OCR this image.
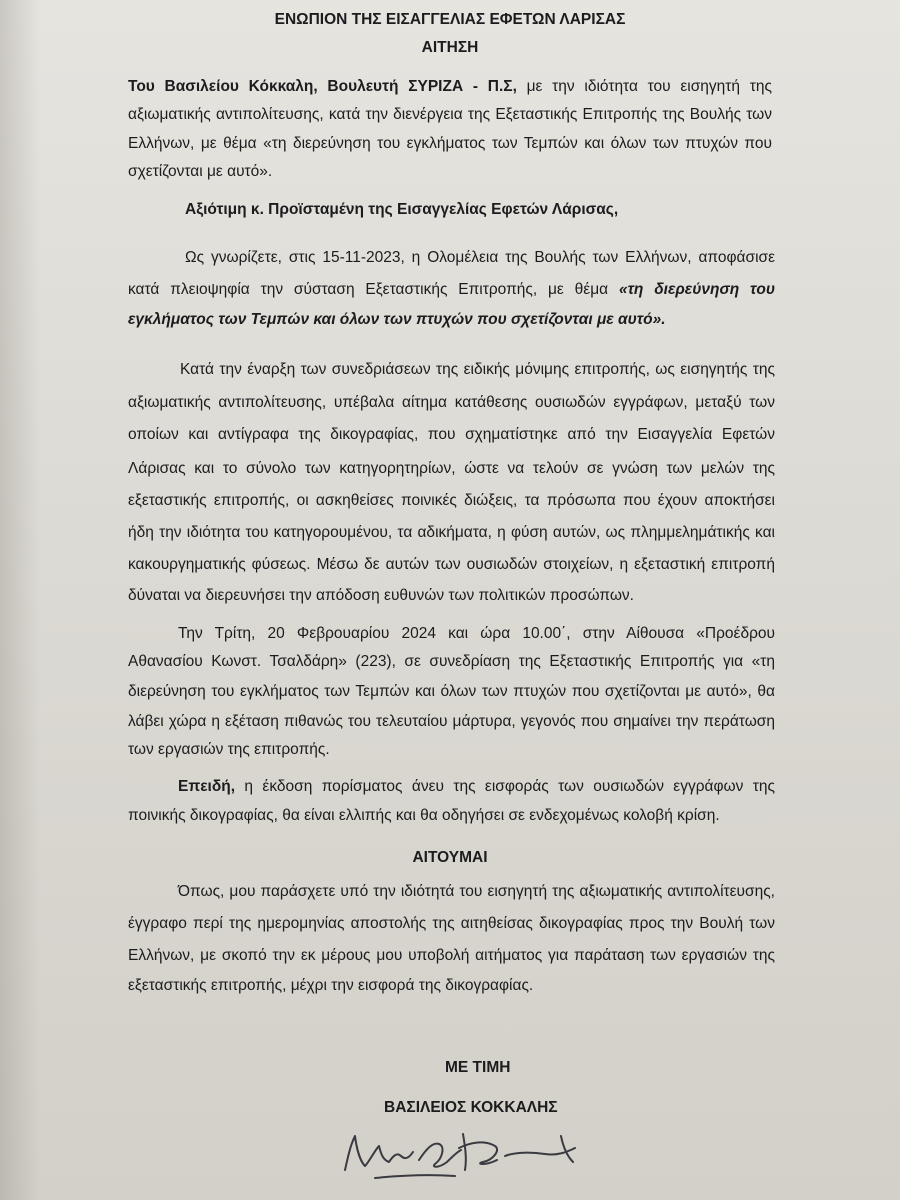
ΕΝΩΠΙΟΝ ΤΗΣ ΕΙΣΑΓΓΕΛΙΑΣ ΕΦΕΤΩΝ ΛΑΡΙΣΑΣ
ΑΙΤΗΣΗ
Του Βασιλείου Κόκκαλη, Βουλευτή ΣΥΡΙΖΑ - Π.Σ, με την ιδιότητα του εισηγητή της
αξιωματικής αντιπολίτευσης, κατά την διενέργεια της Εξεταστικής Επιτροπής της Βουλής των
Ελλήνων, με θέμα «τη διερεύνηση του εγκλήματος των Τεμπών και όλων των πτυχών που
σχετίζονται με αυτό».
Αξιότιμη κ. Προϊσταμένη της Εισαγγελίας Εφετών Λάρισας,
Ως γνωρίζετε, στις 15-11-2023, η Ολομέλεια της Βουλής των Ελλήνων, αποφάσισε
κατά πλειοψηφία την σύσταση Εξεταστικής Επιτροπής, με θέμα «τη διερεύνηση του
εγκλήματος των Τεμπών και όλων των πτυχών που σχετίζονται με αυτό».
Κατά την έναρξη των συνεδριάσεων της ειδικής μόνιμης επιτροπής, ως εισηγητής της
αξιωματικής αντιπολίτευσης, υπέβαλα αίτημα κατάθεσης ουσιωδών εγγράφων, μεταξύ των
οποίων και αντίγραφα της δικογραφίας, που σχηματίστηκε από την Εισαγγελία Εφετών
Λάρισας και το σύνολο των κατηγορητηρίων, ώστε να τελούν σε γνώση των μελών της
εξεταστικής επιτροπής, οι ασκηθείσες ποινικές διώξεις, τα πρόσωπα που έχουν αποκτήσει
ήδη την ιδιότητα του κατηγορουμένου, τα αδικήματα, η φύση αυτών, ως πλημμελημάτικής και
κακουργηματικής φύσεως. Μέσω δε αυτών των ουσιωδών στοιχείων, η εξεταστική επιτροπή
δύναται να διερευνήσει την απόδοση ευθυνών των πολιτικών προσώπων.
Την Τρίτη, 20 Φεβρουαρίου 2024 και ώρα 10.00΄, στην Αίθουσα «Προέδρου
Αθανασίου Κωνστ. Τσαλδάρη» (223), σε συνεδρίαση της Εξεταστικής Επιτροπής για «τη
διερεύνηση του εγκλήματος των Τεμπών και όλων των πτυχών που σχετίζονται με αυτό», θα
λάβει χώρα η εξέταση πιθανώς του τελευταίου μάρτυρα, γεγονός που σημαίνει την περάτωση
των εργασιών της επιτροπής.
Επειδή, η έκδοση πορίσματος άνευ της εισφοράς των ουσιωδών εγγράφων της
ποινικής δικογραφίας, θα είναι ελλιπής και θα οδηγήσει σε ενδεχομένως κολοβή κρίση.
ΑΙΤΟΥΜΑΙ
Όπως, μου παράσχετε υπό την ιδιότητά του εισηγητή της αξιωματικής αντιπολίτευσης,
έγγραφο περί της ημερομηνίας αποστολής της αιτηθείσας δικογραφίας προς την Βουλή των
Ελλήνων, με σκοπό την εκ μέρους μου υποβολή αιτήματος για παράταση των εργασιών της
εξεταστικής επιτροπής, μέχρι την εισφορά της δικογραφίας.
ΜΕ ΤΙΜΗ
ΒΑΣΙΛΕΙΟΣ ΚΟΚΚΑΛΗΣ
